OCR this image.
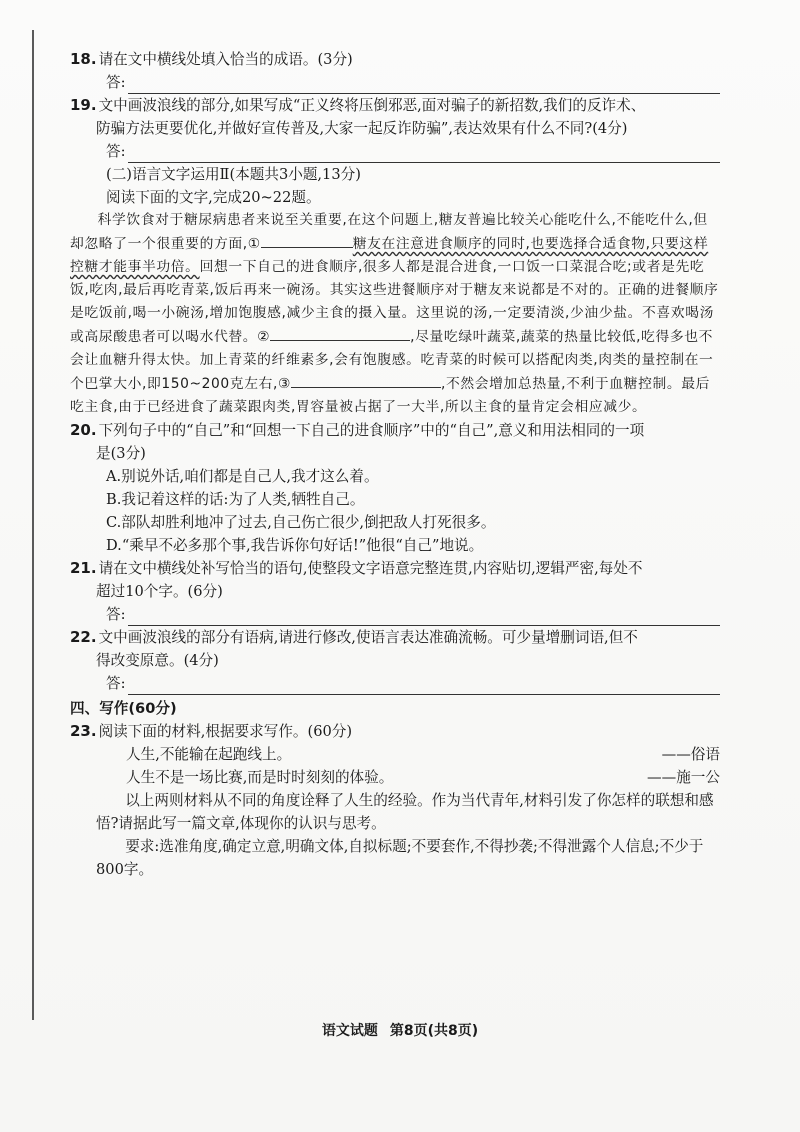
18. 请在文中横线处填入恰当的成语。(3分)

答:

19. 文中画波浪线的部分,如果写成“正义终将压倒邪恶,面对骗子的新招数,我们的反诈术、

防骗方法更要优化,并做好宣传普及,大家一起反诈防骗”,表达效果有什么不同?(4分)

答:

(二)语言文字运用Ⅱ(本题共3小题,13分)

阅读下面的文字,完成20~22题。

科学饮食对于糖尿病患者来说至关重要,在这个问题上,糖友普遍比较关心能吃什么,不能吃什么,但却忽略了一个很重要的方面,①	糖友在注意进食顺序的同时,也要选择合适食物,只要这样控糖才能事半功倍。回想一下自己的进食顺序,很多人都是混合进食,一口饭一口菜混合吃;或者是先吃饭,吃肉,最后再吃青菜,饭后再来一碗汤。其实这些进餐顺序对于糖友来说都是不对的。正确的进餐顺序是吃饭前,喝一小碗汤,增加饱腹感,减少主食的摄入量。这里说的汤,一定要清淡,少油少盐。不喜欢喝汤或高尿酸患者可以喝水代替。②	,尽量吃绿叶蔬菜,蔬菜的热量比较低,吃得多也不会让血糖升得太快。加上青菜的纤维素多,会有饱腹感。吃青菜的时候可以搭配肉类,肉类的量控制在一个巴掌大小,即150~200克左右,③	,不然会增加总热量,不利于血糖控制。最后吃主食,由于已经进食了蔬菜跟肉类,胃容量被占据了一大半,所以主食的量肯定会相应减少。

20. 下列句子中的“自己”和“回想一下自己的进食顺序”中的“自己”,意义和用法相同的一项

是(3分)

A.别说外话,咱们都是自己人,我才这么着。

B.我记着这样的话:为了人类,牺牲自己。

C.部队却胜利地冲了过去,自己伤亡很少,倒把敌人打死很多。

D.“乘早不必多那个事,我告诉你句好话!”他很“自己”地说。

21. 请在文中横线处补写恰当的语句,使整段文字语意完整连贯,内容贴切,逻辑严密,每处不

超过10个字。(6分)

答:

22. 文中画波浪线的部分有语病,请进行修改,使语言表达准确流畅。可少量增删词语,但不

得改变原意。(4分)

答:

四、写作(60分)

23. 阅读下面的材料,根据要求写作。(60分)

人生,不能输在起跑线上。	——俗语
人生不是一场比赛,而是时时刻刻的体验。	——施一公

以上两则材料从不同的角度诠释了人生的经验。作为当代青年,材料引发了你怎样的联想和感悟?请据此写一篇文章,体现你的认识与思考。

要求:选准角度,确定立意,明确文体,自拟标题;不要套作,不得抄袭;不得泄露个人信息;不少于800字。

语文试题 第8页(共8页)
